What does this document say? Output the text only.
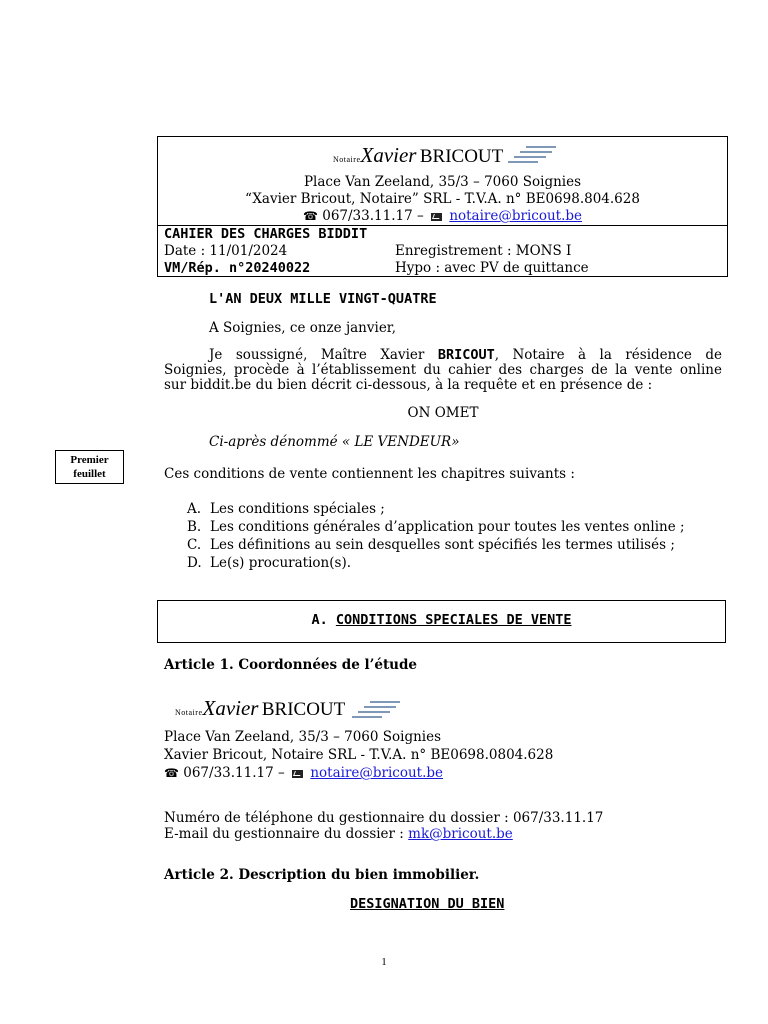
NotaireXavier BRICOUT
Place Van Zeeland, 35/3 – 7060 Soignies
“Xavier Bricout, Notaire” SRL - T.V.A. n° BE0698.804.628
☎ 067/33.11.17 – notaire@bricout.be
CAHIER DES CHARGES BIDDIT
Date : 11/01/2024	Enregistrement : MONS I
VM/Rép. n°20240022	Hypo : avec PV de quittance
L'AN DEUX MILLE VINGT-QUATRE
A Soignies, ce onze janvier,
Je soussigné, Maître Xavier BRICOUT, Notaire à la résidence de
Soignies, procède à l’établissement du cahier des charges de la vente online
sur biddit.be du bien décrit ci-dessous, à la requête et en présence de :
ON OMET
Ci-après dénommé « LE VENDEUR»
Premier
feuillet	Ces conditions de vente contiennent les chapitres suivants :
A. Les conditions spéciales ;
B. Les conditions générales d’application pour toutes les ventes online ;
C. Les définitions au sein desquelles sont spécifiés les termes utilisés ;
D. Le(s) procuration(s).
A. CONDITIONS SPECIALES DE VENTE
Article 1. Coordonnées de l’étude
NotaireXavier BRICOUT
Place Van Zeeland, 35/3 – 7060 Soignies
Xavier Bricout, Notaire SRL - T.V.A. n° BE0698.0804.628
☎ 067/33.11.17 – notaire@bricout.be
Numéro de téléphone du gestionnaire du dossier : 067/33.11.17
E-mail du gestionnaire du dossier : mk@bricout.be
Article 2. Description du bien immobilier.
DESIGNATION DU BIEN
1
